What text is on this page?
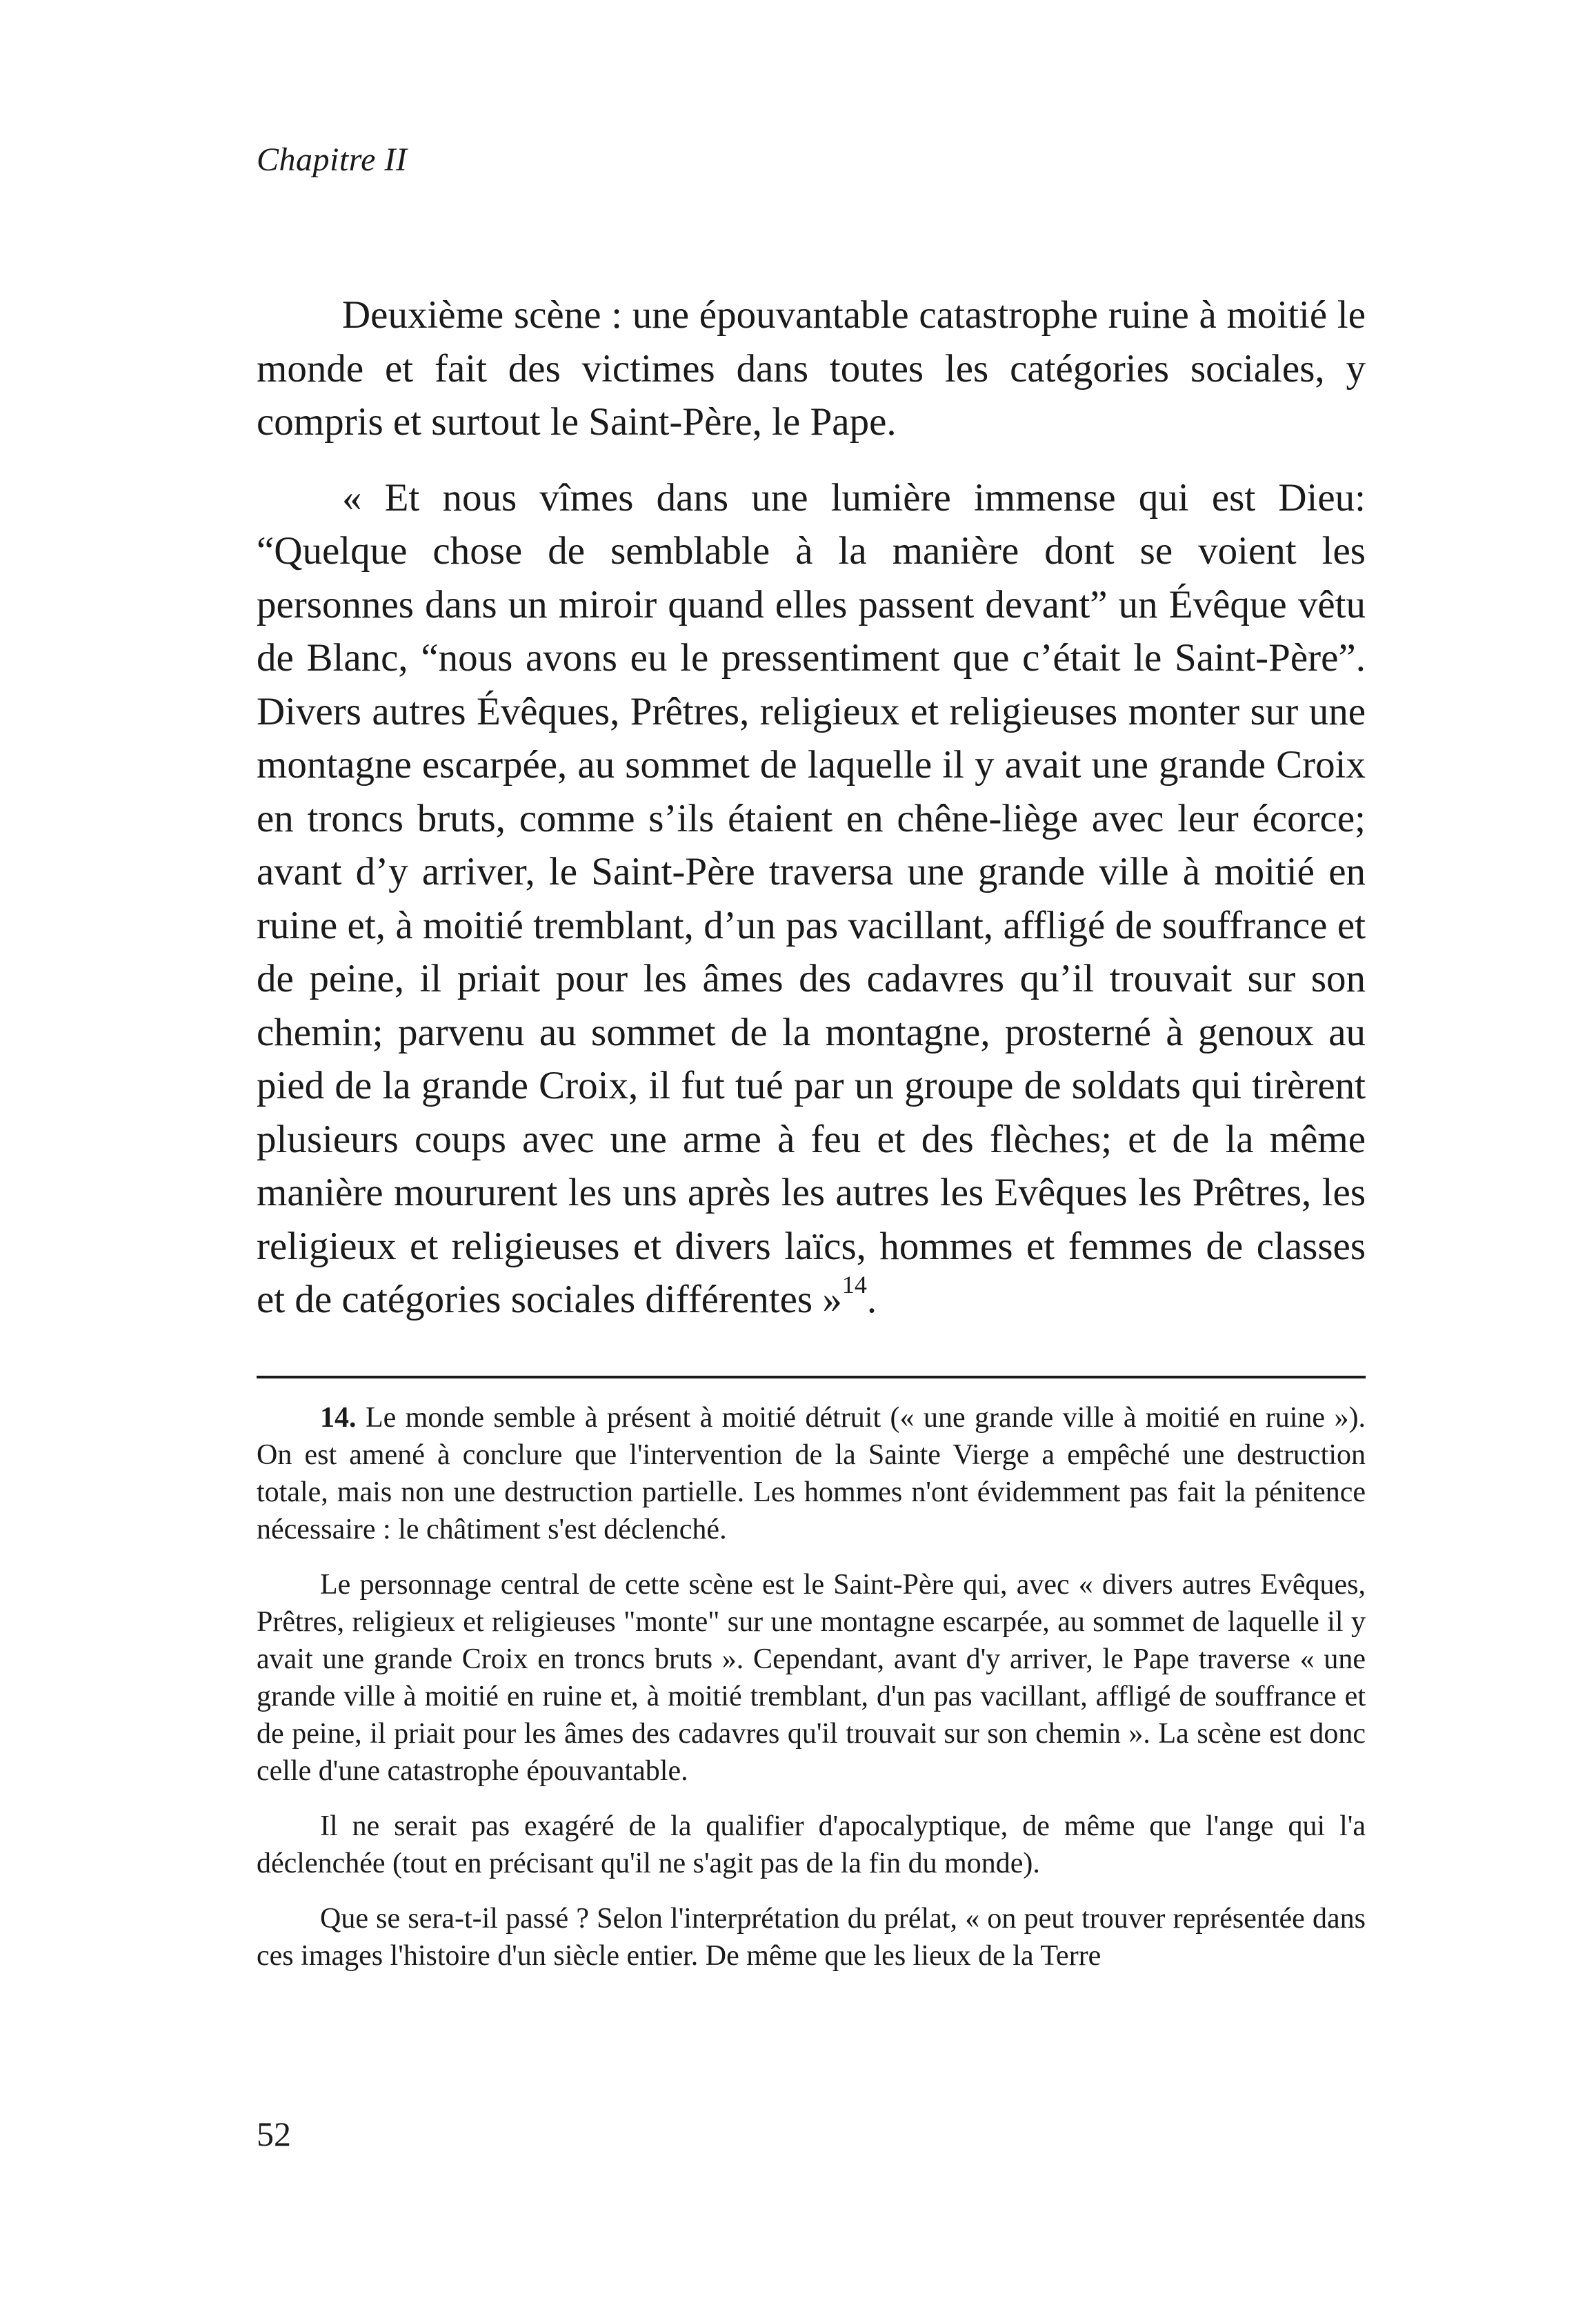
Chapitre II

Deuxième scène : une épouvantable catastrophe ruine à moitié le monde et fait des victimes dans toutes les catégories sociales, y compris et surtout le Saint-Père, le Pape.

« Et nous vîmes dans une lumière immense qui est Dieu: “Quelque chose de semblable à la manière dont se voient les personnes dans un miroir quand elles passent devant” un Évêque vêtu de Blanc, “nous avons eu le pressentiment que c’était le Saint-Père”. Divers autres Évêques, Prêtres, religieux et religieuses monter sur une montagne escarpée, au sommet de laquelle il y avait une grande Croix en troncs bruts, comme s’ils étaient en chêne-liège avec leur écorce; avant d’y arriver, le Saint-Père traversa une grande ville à moitié en ruine et, à moitié tremblant, d’un pas vacillant, affligé de souffrance et de peine, il priait pour les âmes des cadavres qu’il trouvait sur son chemin; parvenu au sommet de la montagne, prosterné à genoux au pied de la grande Croix, il fut tué par un groupe de soldats qui tirèrent plusieurs coups avec une arme à feu et des flèches; et de la même manière moururent les uns après les autres les Evêques les Prêtres, les religieux et religieuses et divers laïcs, hommes et femmes de classes et de catégories sociales différentes »$^{14}$.

14. Le monde semble à présent à moitié détruit (« une grande ville à moitié en ruine »). On est amené à conclure que l'intervention de la Sainte Vierge a empêché une destruction totale, mais non une destruction partielle. Les hommes n'ont évidemment pas fait la pénitence nécessaire : le châtiment s'est déclenché.

Le personnage central de cette scène est le Saint-Père qui, avec « divers autres Evêques, Prêtres, religieux et religieuses "monte" sur une montagne escarpée, au sommet de laquelle il y avait une grande Croix en troncs bruts ». Cependant, avant d'y arriver, le Pape traverse « une grande ville à moitié en ruine et, à moitié tremblant, d'un pas vacillant, affligé de souffrance et de peine, il priait pour les âmes des cadavres qu'il trouvait sur son chemin ». La scène est donc celle d'une catastrophe épouvantable.

Il ne serait pas exagéré de la qualifier d'apocalyptique, de même que l'ange qui l'a déclenchée (tout en précisant qu'il ne s'agit pas de la fin du monde).

Que se sera-t-il passé ? Selon l'interprétation du prélat, « on peut trouver représentée dans ces images l'histoire d'un siècle entier. De même que les lieux de la Terre

52
